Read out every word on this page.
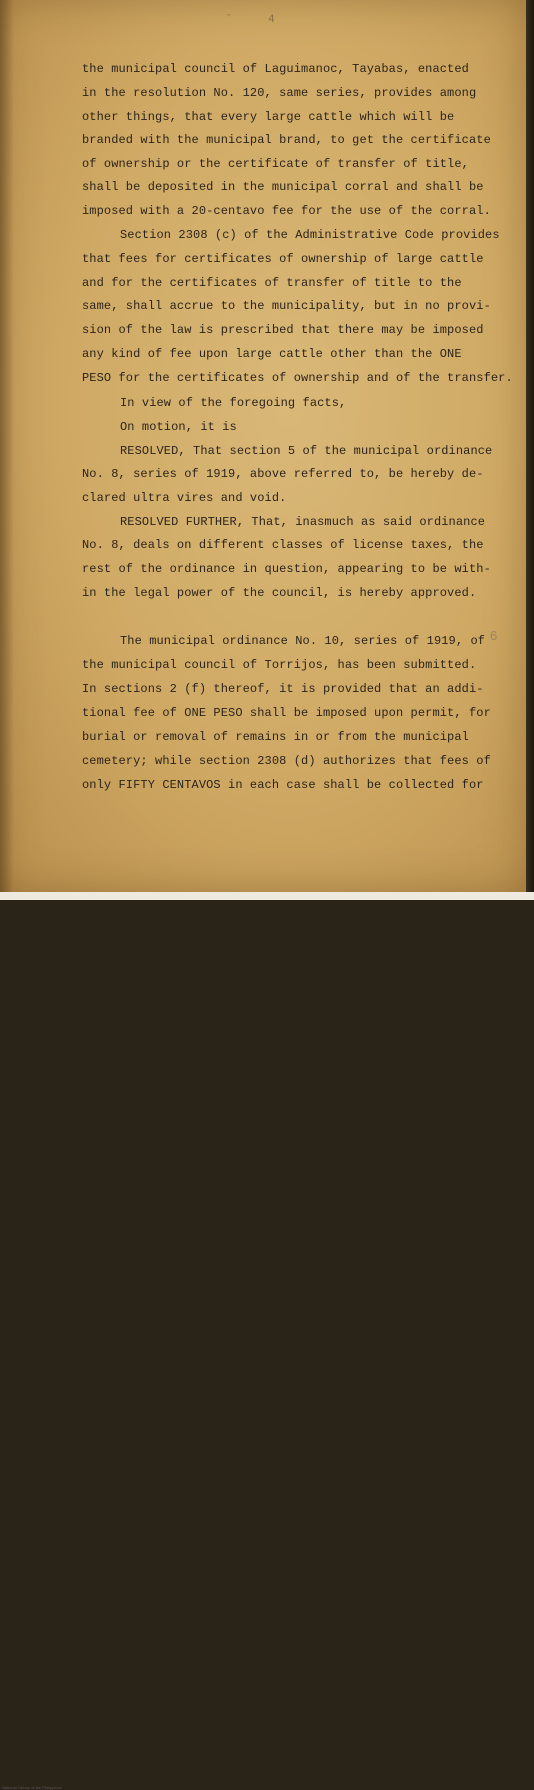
ˇ	4
6
the municipal council of Laguimanoc, Tayabas, enacted
in the resolution No. 120, same series, provides among
other things, that every large cattle which will be
branded with the municipal brand, to get the certificate
of ownership or the certificate of transfer of title,
shall be deposited in the municipal corral and shall be
imposed with a 20-centavo fee for the use of the corral.
Section 2308 (c) of the Administrative Code provides
that fees for certificates of ownership of large cattle
and for the certificates of transfer of title to the
same, shall accrue to the municipality, but in no provi-
sion of the law is prescribed that there may be imposed
any kind of fee upon large cattle other than the ONE
PESO for the certificates of ownership and of the transfer.
In view of the foregoing facts,
On motion, it is
RESOLVED, That section 5 of the municipal ordinance
No. 8, series of 1919, above referred to, be hereby de-
clared ultra vires and void.
RESOLVED FURTHER, That, inasmuch as said ordinance
No. 8, deals on different classes of license taxes, the
rest of the ordinance in question, appearing to be with-
in the legal power of the council, is hereby approved.
The municipal ordinance No. 10, series of 1919, of
the municipal council of Torrijos, has been submitted.
In sections 2 (f) thereof, it is provided that an addi-
tional fee of ONE PESO shall be imposed upon permit, for
burial or removal of remains in or from the municipal
cemetery; while section 2308 (d) authorizes that fees of
only FIFTY CENTAVOS in each case shall be collected for
National Library of the Philippines
